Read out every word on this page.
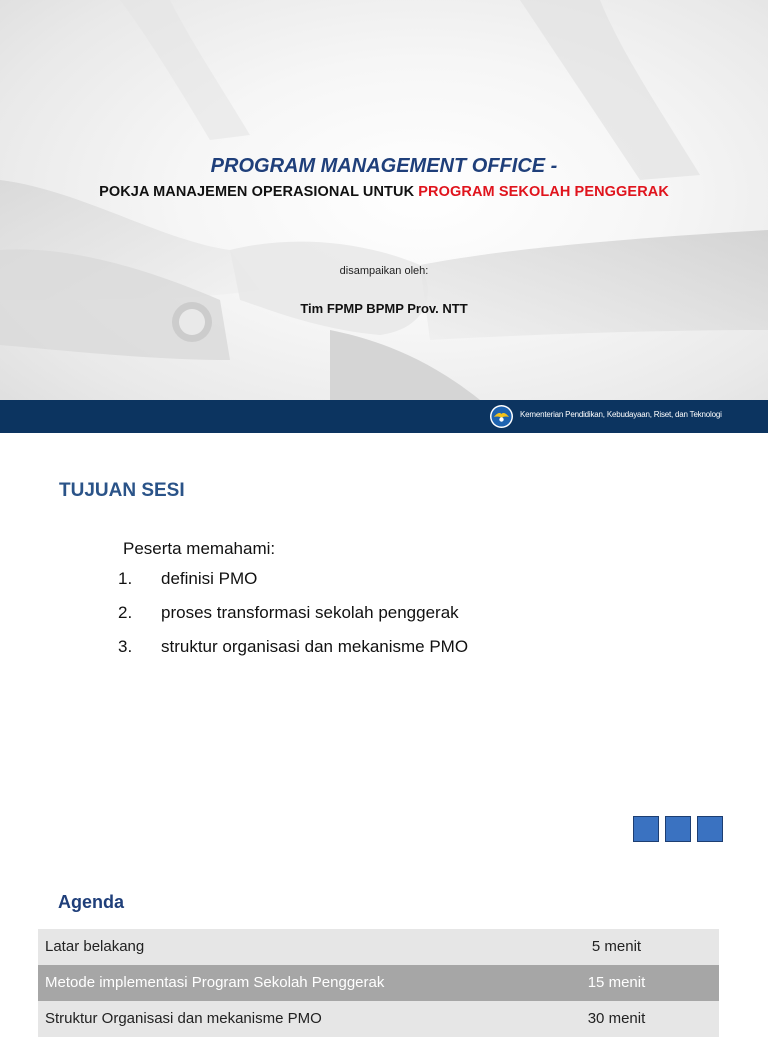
PROGRAM MANAGEMENT OFFICE -
POKJA MANAJEMEN OPERASIONAL UNTUK PROGRAM SEKOLAH PENGGERAK
disampaikan oleh:
Tim FPMP BPMP Prov. NTT
Kementerian Pendidikan, Kebudayaan, Riset, dan Teknologi
TUJUAN SESI
Peserta memahami:
1.	definisi PMO
2.	proses transformasi sekolah penggerak
3.	struktur organisasi dan mekanisme PMO
Agenda
Latar belakang	5 menit
Metode implementasi Program Sekolah Penggerak	15 menit
Struktur Organisasi dan mekanisme PMO	30 menit
